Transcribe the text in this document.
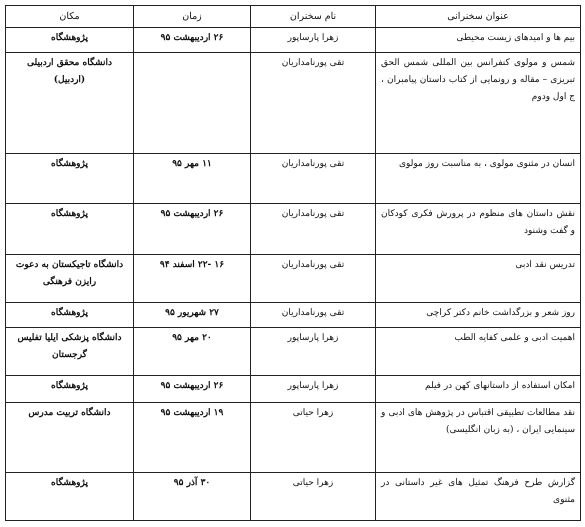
عنوان سخنرانی	نام سخنران	زمان	مکان
بیم ها و امیدهای زیست محیطی	زهرا پارساپور	۲۶ اردیبهشت ۹۵	پژوهشگاه
شمس و مولوی کنفرانس بین المللی شمس الحق تبریزی – مقاله و رونمایی از کتاب داستان پیامبران ، ج اول ودوم	تقی پورنامداریان		دانشگاه محقق اردبیلی (اردبیل)
انسان در مثنوی مولوی ، به مناسبت روز مولوی	تقی پورنامداریان	۱۱ مهر ۹۵	پژوهشگاه
نقش داستان های منظوم در پرورش فکری کودکان و گفت وشنود	تقی پورنامداریان	۲۶ اردیبهشت ۹۵	پژوهشگاه
تدریس نقد ادبی	تقی پورنامداریان	۱۶ -۲۲ اسفند ۹۴	دانشگاه تاجیکستان به دعوت رایزن فرهنگی
روز شعر و بزرگداشت خانم دکتر کراچی	تقی پورنامداریان	۲۷ شهریور ۹۵	پژوهشگاه
اهمیت ادبی و علمی کفایه الطب	زهرا پارساپور	۲۰ مهر ۹۵	دانشگاه پزشکی ایلیا تفلیس گرجستان
امکان استفاده از داستانهای کهن در فیلم	زهرا پارساپور	۲۶ اردیبهشت ۹۵	پژوهشگاه
نقد مطالعات تطبیقی اقتباس در پژوهش های ادبی و سینمایی ایران ، (به زبان انگلیسی)	زهرا حیاتی	۱۹ اردیبهشت ۹۵	دانشگاه تربیت مدرس
گزارش طرح فرهنگ تمثیل های غیر داستانی در مثنوی	زهرا حیاتی	۳۰ آذر ۹۵	پژوهشگاه
